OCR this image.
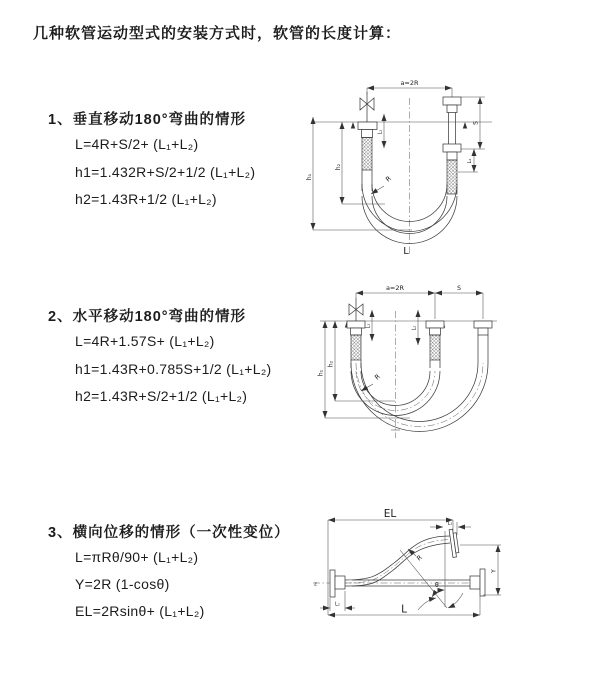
几种软管运动型式的安装方式时，软管的长度计算：
1、垂直移动180°弯曲的情形
L=4R+S/2+ (L₁+L₂)
h1=1.432R+S/2+1/2 (L₁+L₂)
h2=1.43R+1/2 (L₁+L₂)
2、水平移动180°弯曲的情形
L=4R+1.57S+ (L₁+L₂)
h1=1.43R+0.785S+1/2 (L₁+L₂)
h2=1.43R+S/2+1/2 (L₁+L₂)
3、横向位移的情形（一次性变位）
L=πRθ/90+ (L₁+L₂)
Y=2R (1-cosθ)
EL=2Rsinθ+ (L₁+L₂)
a=2R
h₁
h₂
L₁
S
L₂
R
L
a=2R	S
h₁
h₂
L₁	L₂
R
EL
L₁
z	θ
R
Y
L₂	L
